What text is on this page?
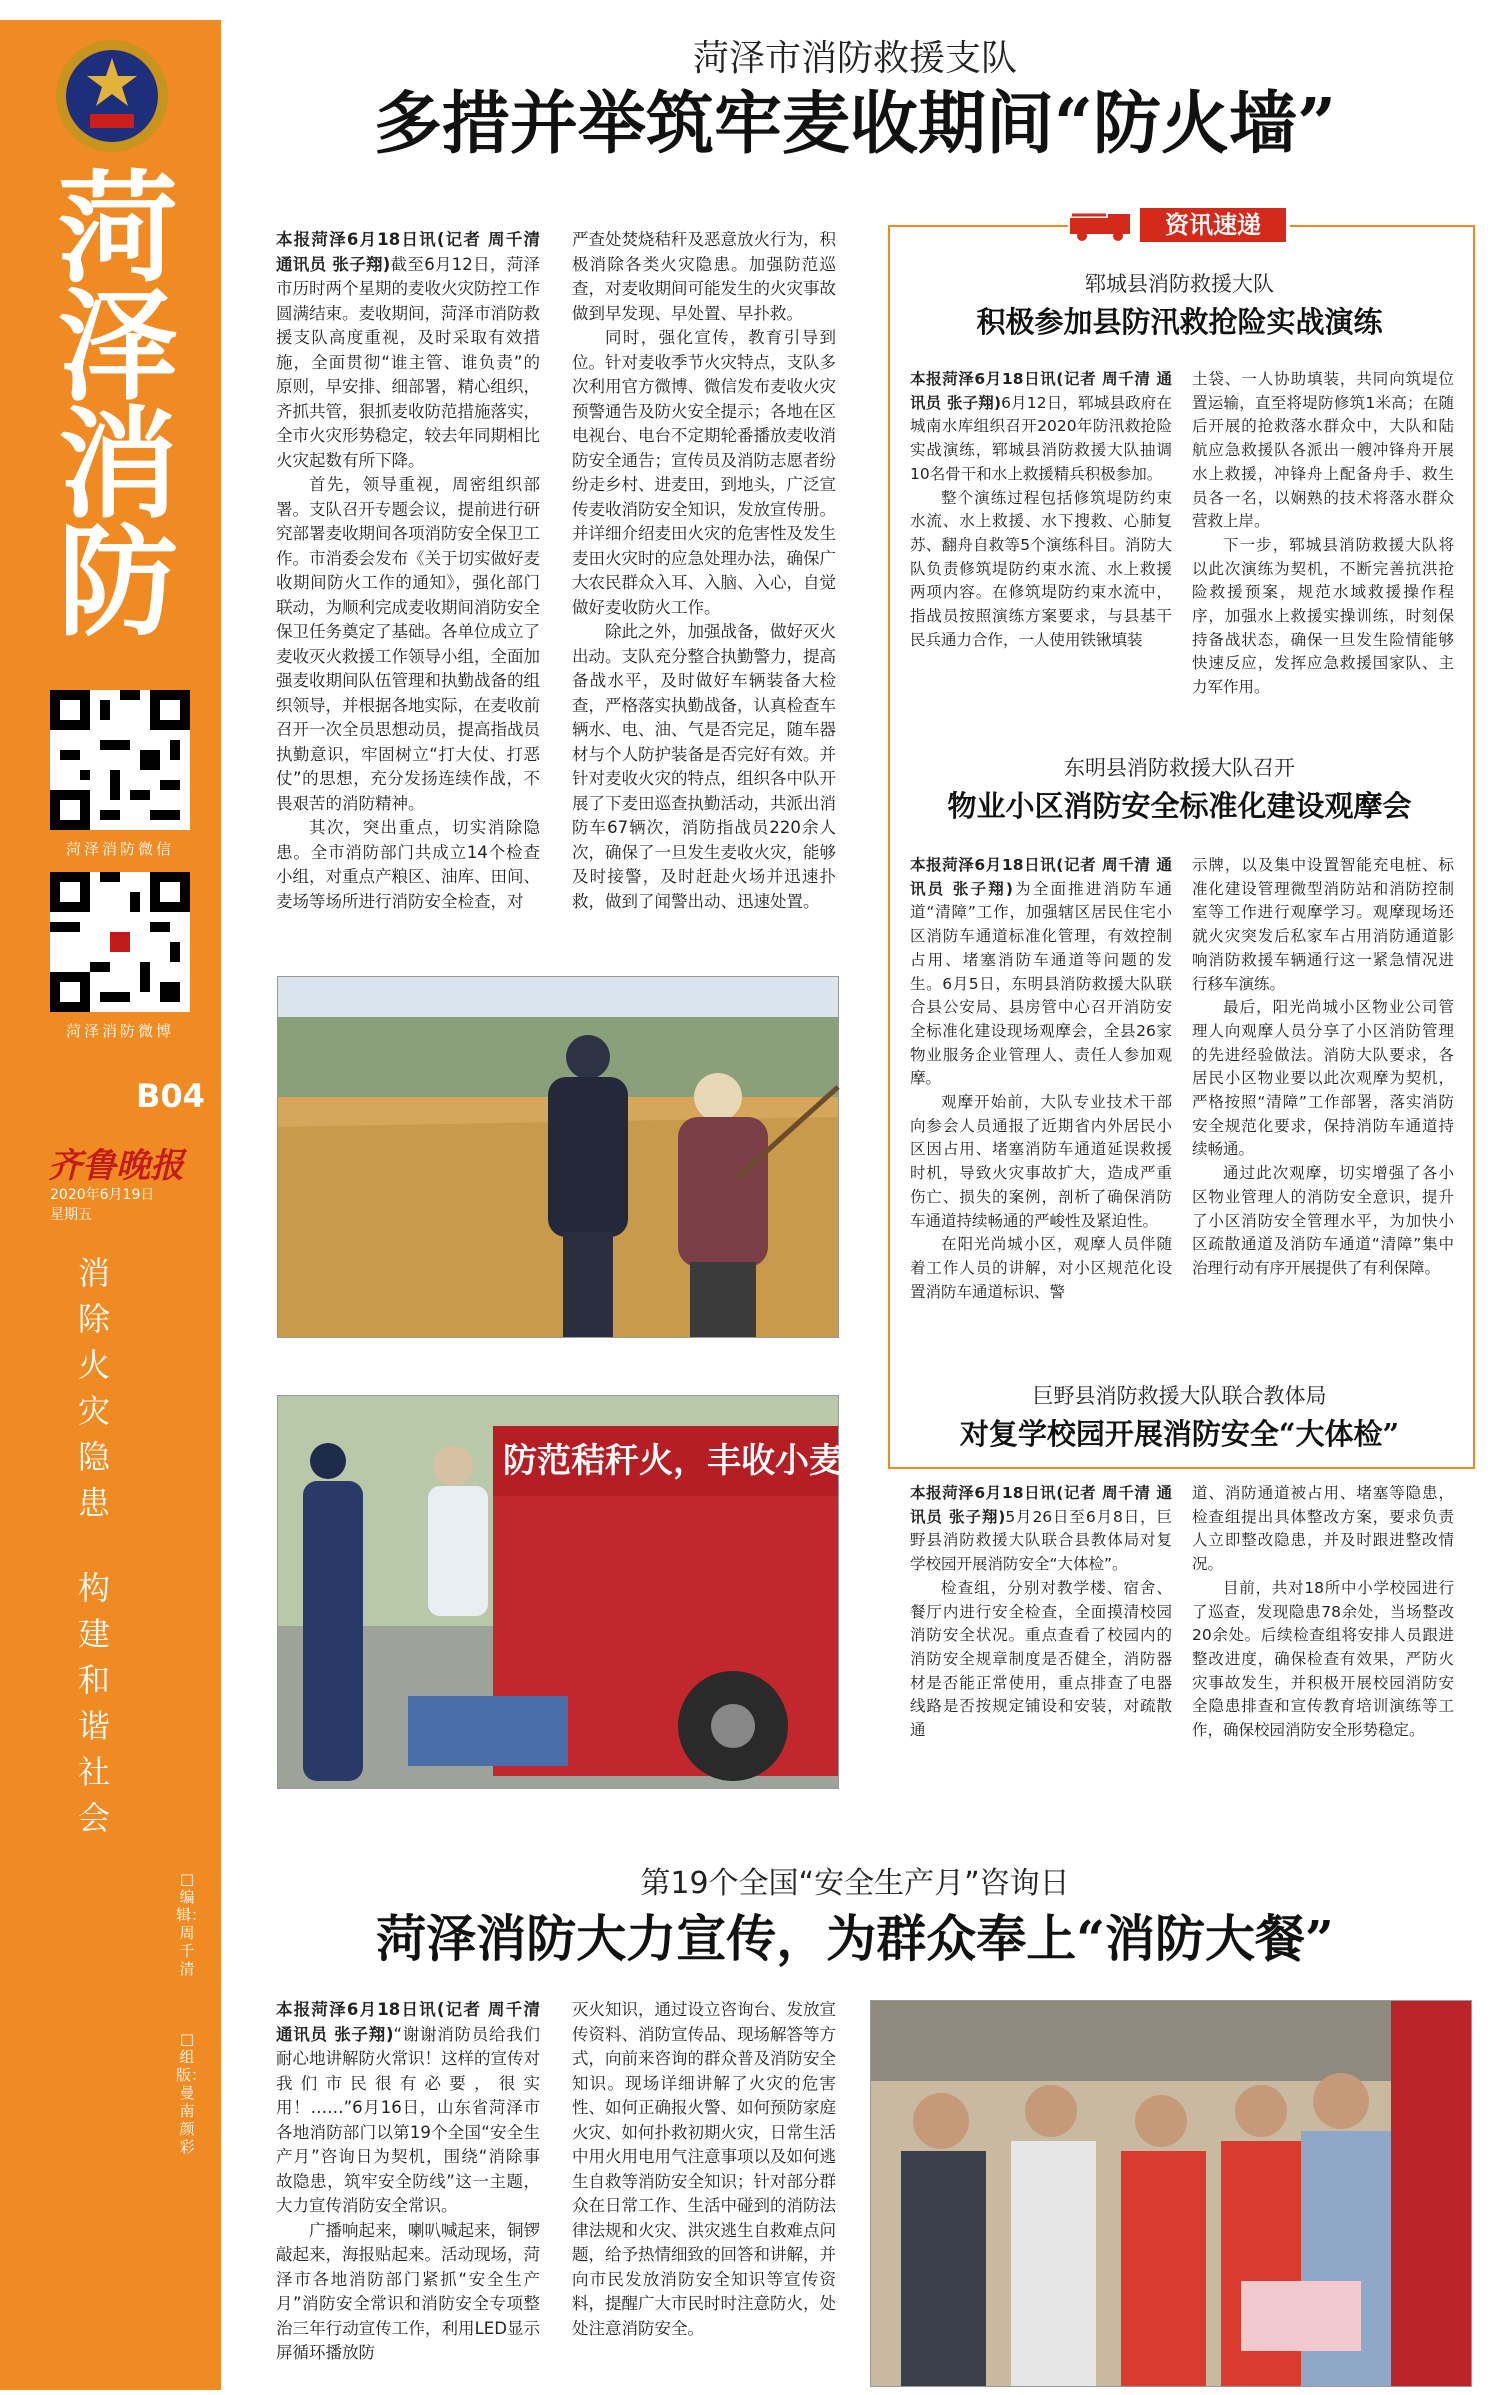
菏
泽
消
防
菏泽消防微信
菏泽消防微博
B04
齐鲁晚报
2020年6月19日
星期五
消
除
火
灾
隐
患
构
建
和
谐
社
会
□编辑：周千清
□组版：曼南颜彩
菏泽市消防救援支队
多措并举筑牢麦收期间“防火墙”

本报菏泽6月18日讯(记者 周千清 通讯员 张子翔)截至6月12日，菏泽市历时两个星期的麦收火灾防控工作圆满结束。麦收期间，菏泽市消防救援支队高度重视，及时采取有效措施，全面贯彻“谁主管、谁负责”的原则，早安排、细部署，精心组织，齐抓共管，狠抓麦收防范措施落实，全市火灾形势稳定，较去年同期相比火灾起数有所下降。

首先，领导重视，周密组织部署。支队召开专题会议，提前进行研究部署麦收期间各项消防安全保卫工作。市消委会发布《关于切实做好麦收期间防火工作的通知》，强化部门联动，为顺利完成麦收期间消防安全保卫任务奠定了基础。各单位成立了麦收灭火救援工作领导小组，全面加强麦收期间队伍管理和执勤战备的组织领导，并根据各地实际，在麦收前召开一次全员思想动员，提高指战员执勤意识，牢固树立“打大仗、打恶仗”的思想，充分发扬连续作战，不畏艰苦的消防精神。

其次，突出重点，切实消除隐患。全市消防部门共成立14个检查小组，对重点产粮区、油库、田间、麦场等场所进行消防安全检查，对

严查处焚烧秸秆及恶意放火行为，积极消除各类火灾隐患。加强防范巡查，对麦收期间可能发生的火灾事故做到早发现、早处置、早扑救。

同时，强化宣传，教育引导到位。针对麦收季节火灾特点，支队多次利用官方微博、微信发布麦收火灾预警通告及防火安全提示；各地在区电视台、电台不定期轮番播放麦收消防安全通告；宣传员及消防志愿者纷纷走乡村、进麦田，到地头，广泛宣传麦收消防安全知识，发放宣传册。并详细介绍麦田火灾的危害性及发生麦田火灾时的应急处理办法，确保广大农民群众入耳、入脑、入心，自觉做好麦收防火工作。

除此之外，加强战备，做好灭火出动。支队充分整合执勤警力，提高备战水平，及时做好车辆装备大检查，严格落实执勤战备，认真检查车辆水、电、油、气是否完足，随车器材与个人防护装备是否完好有效。并针对麦收火灾的特点，组织各中队开展了下麦田巡查执勤活动，共派出消防车67辆次，消防指战员220余人次，确保了一旦发生麦收火灾，能够及时接警，及时赶赴火场并迅速扑救，做到了闻警出动、迅速处置。

防范秸秆火，丰收小麦是辛苦
资讯速递
郓城县消防救援大队
积极参加县防汛救抢险实战演练

本报菏泽6月18日讯(记者 周千清 通讯员 张子翔)6月12日，郓城县政府在城南水库组织召开2020年防汛救抢险实战演练，郓城县消防救援大队抽调10名骨干和水上救援精兵积极参加。

整个演练过程包括修筑堤防约束水流、水上救援、水下搜救、心肺复苏、翻舟自救等5个演练科目。消防大队负责修筑堤防约束水流、水上救援两项内容。在修筑堤防约束水流中，指战员按照演练方案要求，与县基干民兵通力合作，一人使用铁锹填装

土袋、一人协助填装，共同向筑堤位置运输，直至将堤防修筑1米高；在随后开展的抢救落水群众中，大队和陆航应急救援队各派出一艘冲锋舟开展水上救援，冲锋舟上配备舟手、救生员各一名，以娴熟的技术将落水群众营救上岸。

下一步，郓城县消防救援大队将以此次演练为契机，不断完善抗洪抢险救援预案，规范水域救援操作程序，加强水上救援实操训练，时刻保持备战状态，确保一旦发生险情能够快速反应，发挥应急救援国家队、主力军作用。

东明县消防救援大队召开
物业小区消防安全标准化建设观摩会

本报菏泽6月18日讯(记者 周千清 通讯员 张子翔)为全面推进消防车通道“清障”工作，加强辖区居民住宅小区消防车通道标准化管理，有效控制占用、堵塞消防车通道等问题的发生。6月5日，东明县消防救援大队联合县公安局、县房管中心召开消防安全标准化建设现场观摩会，全县26家物业服务企业管理人、责任人参加观摩。

观摩开始前，大队专业技术干部向参会人员通报了近期省内外居民小区因占用、堵塞消防车通道延误救援时机，导致火灾事故扩大，造成严重伤亡、损失的案例，剖析了确保消防车通道持续畅通的严峻性及紧迫性。

在阳光尚城小区，观摩人员伴随着工作人员的讲解，对小区规范化设置消防车通道标识、警

示牌，以及集中设置智能充电桩、标准化建设管理微型消防站和消防控制室等工作进行观摩学习。观摩现场还就火灾突发后私家车占用消防通道影响消防救援车辆通行这一紧急情况进行移车演练。

最后，阳光尚城小区物业公司管理人向观摩人员分享了小区消防管理的先进经验做法。消防大队要求，各居民小区物业要以此次观摩为契机，严格按照“清障”工作部署，落实消防安全规范化要求，保持消防车通道持续畅通。

通过此次观摩，切实增强了各小区物业管理人的消防安全意识，提升了小区消防安全管理水平，为加快小区疏散通道及消防车通道“清障”集中治理行动有序开展提供了有利保障。

巨野县消防救援大队联合教体局
对复学校园开展消防安全“大体检”

本报菏泽6月18日讯(记者 周千清 通讯员 张子翔)5月26日至6月8日，巨野县消防救援大队联合县教体局对复学校园开展消防安全“大体检”。

检查组，分别对教学楼、宿舍、餐厅内进行安全检查，全面摸清校园消防安全状况。重点查看了校园内的消防安全规章制度是否健全，消防器材是否能正常使用，重点排查了电器线路是否按规定铺设和安装，对疏散通

道、消防通道被占用、堵塞等隐患，检查组提出具体整改方案，要求负责人立即整改隐患，并及时跟进整改情况。

目前，共对18所中小学校园进行了巡查，发现隐患78余处，当场整改20余处。后续检查组将安排人员跟进整改进度，确保检查有效果，严防火灾事故发生，并积极开展校园消防安全隐患排查和宣传教育培训演练等工作，确保校园消防安全形势稳定。

第19个全国“安全生产月”咨询日
菏泽消防大力宣传，为群众奉上“消防大餐”

本报菏泽6月18日讯(记者 周千清 通讯员 张子翔)“谢谢消防员给我们耐心地讲解防火常识！这样的宣传对我们市民很有必要，很实用！……”6月16日，山东省菏泽市各地消防部门以第19个全国“安全生产月”咨询日为契机，围绕“消除事故隐患，筑牢安全防线”这一主题，大力宣传消防安全常识。

广播响起来，喇叭喊起来，铜锣敲起来，海报贴起来。活动现场，菏泽市各地消防部门紧抓“安全生产月”消防安全常识和消防安全专项整治三年行动宣传工作，利用LED显示屏循环播放防

灭火知识，通过设立咨询台、发放宣传资料、消防宣传品、现场解答等方式，向前来咨询的群众普及消防安全知识。现场详细讲解了火灾的危害性、如何正确报火警、如何预防家庭火灾、如何扑救初期火灾，日常生活中用火用电用气注意事项以及如何逃生自救等消防安全知识；针对部分群众在日常工作、生活中碰到的消防法律法规和火灾、洪灾逃生自救难点问题，给予热情细致的回答和讲解，并向市民发放消防安全知识等宣传资料，提醒广大市民时时注意防火，处处注意消防安全。
